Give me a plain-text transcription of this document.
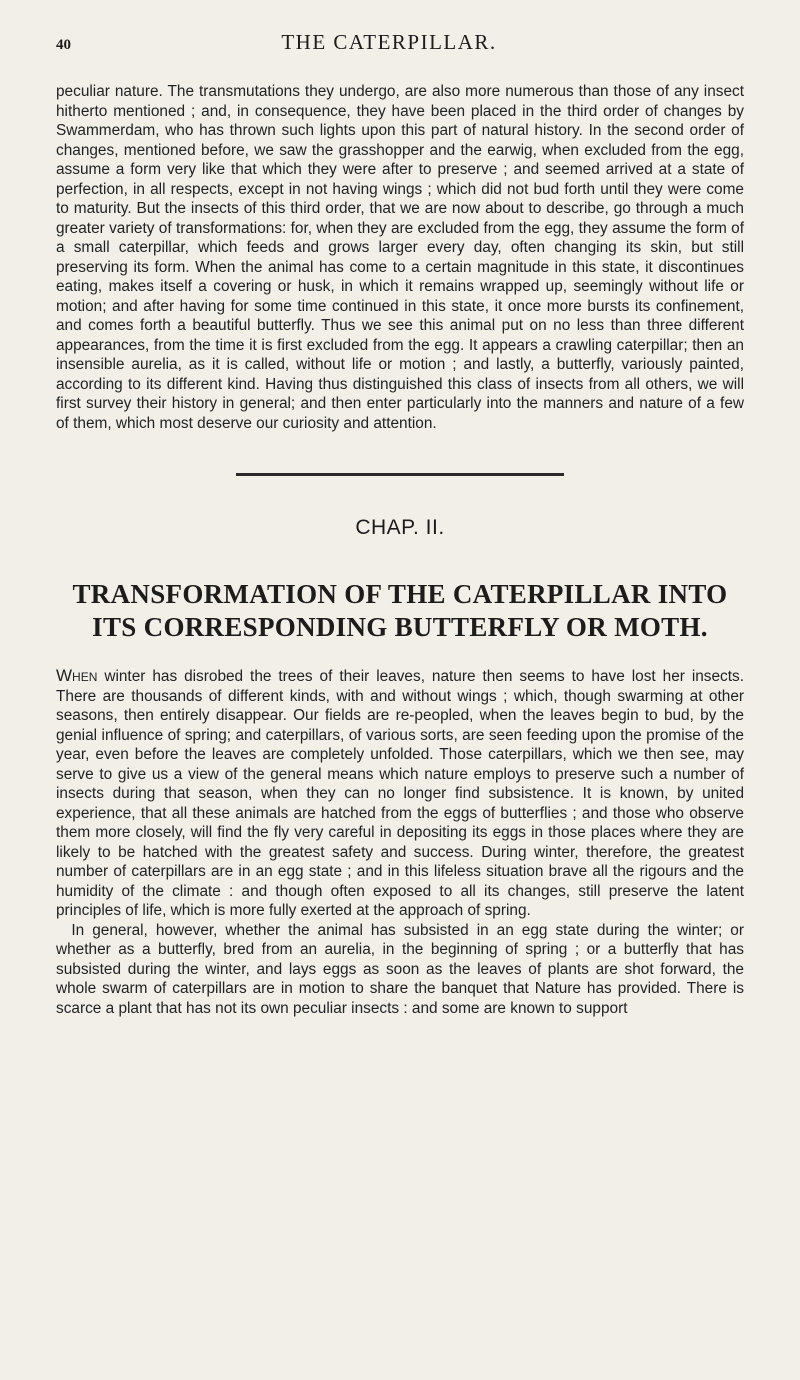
40	THE CATERPILLAR.

peculiar nature. The transmutations they undergo, are also more numerous than those of any insect hitherto mentioned ; and, in consequence, they have been placed in the third order of changes by Swammerdam, who has thrown such lights upon this part of natural history. In the second order of changes, mentioned before, we saw the grasshopper and the earwig, when excluded from the egg, assume a form very like that which they were after to preserve ; and seemed arrived at a state of perfection, in all respects, except in not having wings ; which did not bud forth until they were come to maturity. But the insects of this third order, that we are now about to describe, go through a much greater variety of transformations: for, when they are excluded from the egg, they assume the form of a small caterpillar, which feeds and grows larger every day, often changing its skin, but still preserving its form. When the animal has come to a certain magnitude in this state, it discontinues eating, makes itself a covering or husk, in which it remains wrapped up, seemingly without life or motion; and after having for some time continued in this state, it once more bursts its confinement, and comes forth a beautiful butterfly. Thus we see this animal put on no less than three different appearances, from the time it is first excluded from the egg. It appears a crawling caterpillar; then an insensible aurelia, as it is called, without life or motion ; and lastly, a butterfly, variously painted, according to its different kind. Having thus distinguished this class of insects from all others, we will first survey their history in general; and then enter particularly into the manners and nature of a few of them, which most deserve our curiosity and attention.

CHAP. II.
TRANSFORMATION OF THE CATERPILLAR INTO ITS CORRESPONDING BUTTERFLY OR MOTH.

When winter has disrobed the trees of their leaves, nature then seems to have lost her insects. There are thousands of different kinds, with and without wings ; which, though swarming at other seasons, then entirely disappear. Our fields are re-peopled, when the leaves begin to bud, by the genial influence of spring; and caterpillars, of various sorts, are seen feeding upon the promise of the year, even before the leaves are completely unfolded. Those caterpillars, which we then see, may serve to give us a view of the general means which nature employs to preserve such a number of insects during that season, when they can no longer find subsistence. It is known, by united experience, that all these animals are hatched from the eggs of butterflies ; and those who observe them more closely, will find the fly very careful in depositing its eggs in those places where they are likely to be hatched with the greatest safety and success. During winter, therefore, the greatest number of caterpillars are in an egg state ; and in this lifeless situation brave all the rigours and the humidity of the climate : and though often exposed to all its changes, still preserve the latent principles of life, which is more fully exerted at the approach of spring.

 In general, however, whether the animal has subsisted in an egg state during the winter; or whether as a butterfly, bred from an aurelia, in the beginning of spring ; or a butterfly that has subsisted during the winter, and lays eggs as soon as the leaves of plants are shot forward, the whole swarm of caterpillars are in motion to share the banquet that Nature has provided. There is scarce a plant that has not its own peculiar insects : and some are known to support
